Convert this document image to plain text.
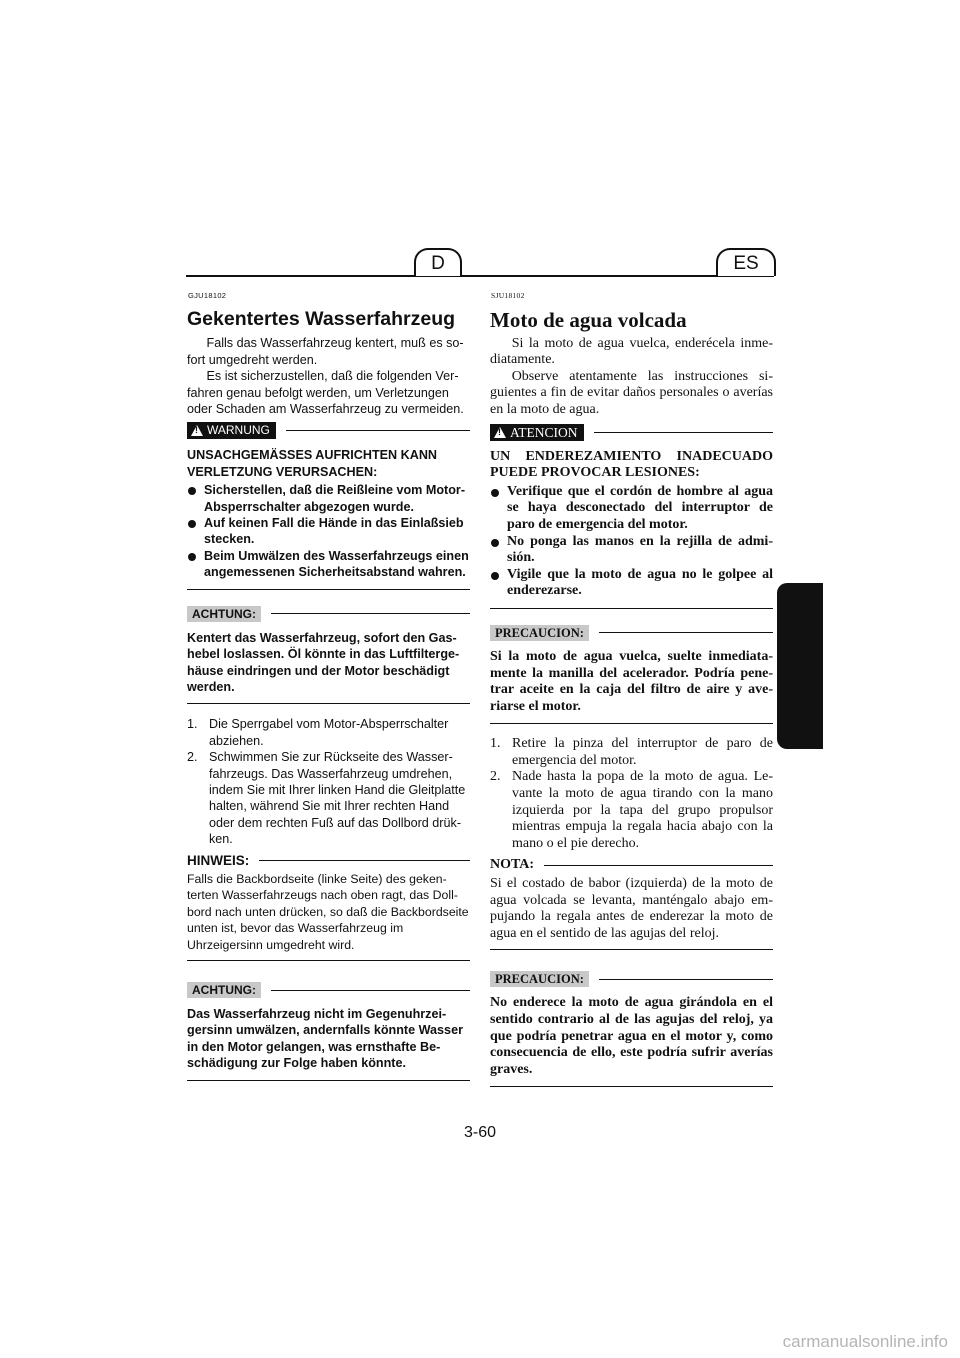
D	ES
GJU18102
Gekentertes Wasserfahrzeug

Falls das Wasserfahrzeug kentert, muß es sofort umgedreht werden.

Es ist sicherzustellen, daß die folgenden Verfahren genau befolgt werden, um Verletzungen oder Schaden am Wasserfahrzeug zu vermeiden.

!
WARNUNG
UNSACHGEMÄSSES AUFRICHTEN KANN VERLETZUNG VERURSACHEN:
Sicherstellen, daß die Reißleine vom MotorAbsperrschalter abgezogen wurde.
Auf keinen Fall die Hände in das Einlaßsieb stecken.
Beim Umwälzen des Wasserfahrzeugs einen angemessenen Sicherheitsabstand wahren.
ACHTUNG:
Kentert das Wasserfahrzeug, sofort den Gashebel loslassen. Öl könnte in das Luftfiltergehäuse eindringen und der Motor beschädigt werden.
1. Die Sperrgabel vom Motor-Absperrschalter abziehen.
2. Schwimmen Sie zur Rückseite des Wasserfahrzeugs. Das Wasserfahrzeug umdrehen, indem Sie mit Ihrer linken Hand die Gleitplatte halten, während Sie mit Ihrer rechten Hand oder dem rechten Fuß auf das Dollbord drükken.
HINWEIS:
Falls die Backbordseite (linke Seite) des gekenterten Wasserfahrzeugs nach oben ragt, das Dollbord nach unten drücken, so daß die Backbordseite unten ist, bevor das Wasserfahrzeug im Uhrzeigersinn umgedreht wird.
ACHTUNG:
Das Wasserfahrzeug nicht im Gegenuhrzeigersinn umwälzen, andernfalls könnte Wasser in den Motor gelangen, was ernsthafte Beschädigung zur Folge haben könnte.
SJU18102
Moto de agua volcada

Si la moto de agua vuelca, enderécela inmediatamente.

Observe atentamente las instrucciones siguientes a fin de evitar daños personales o averías en la moto de agua.

!
ATENCION
UN ENDEREZAMIENTO INADECUADO PUEDE PROVOCAR LESIONES:
Verifique que el cordón de hombre al agua se haya desconectado del interruptor de paro de emergencia del motor.
No ponga las manos en la rejilla de admisión.
Vigile que la moto de agua no le golpee al enderezarse.
PRECAUCION:
Si la moto de agua vuelca, suelte inmediatamente la manilla del acelerador. Podría penetrar aceite en la caja del filtro de aire y averiarse el motor.
1. Retire la pinza del interruptor de paro de emergencia del motor.
2. Nade hasta la popa de la moto de agua. Levante la moto de agua tirando con la mano izquierda por la tapa del grupo propulsor mientras empuja la regala hacia abajo con la mano o el pie derecho.
NOTA:
Si el costado de babor (izquierda) de la moto de agua volcada se levanta, manténgalo abajo empujando la regala antes de enderezar la moto de agua en el sentido de las agujas del reloj.
PRECAUCION:
No enderece la moto de agua girándola en el sentido contrario al de las agujas del reloj, ya que podría penetrar agua en el motor y, como consecuencia de ello, este podría sufrir averías graves.
3-60
carmanualsonline.info
